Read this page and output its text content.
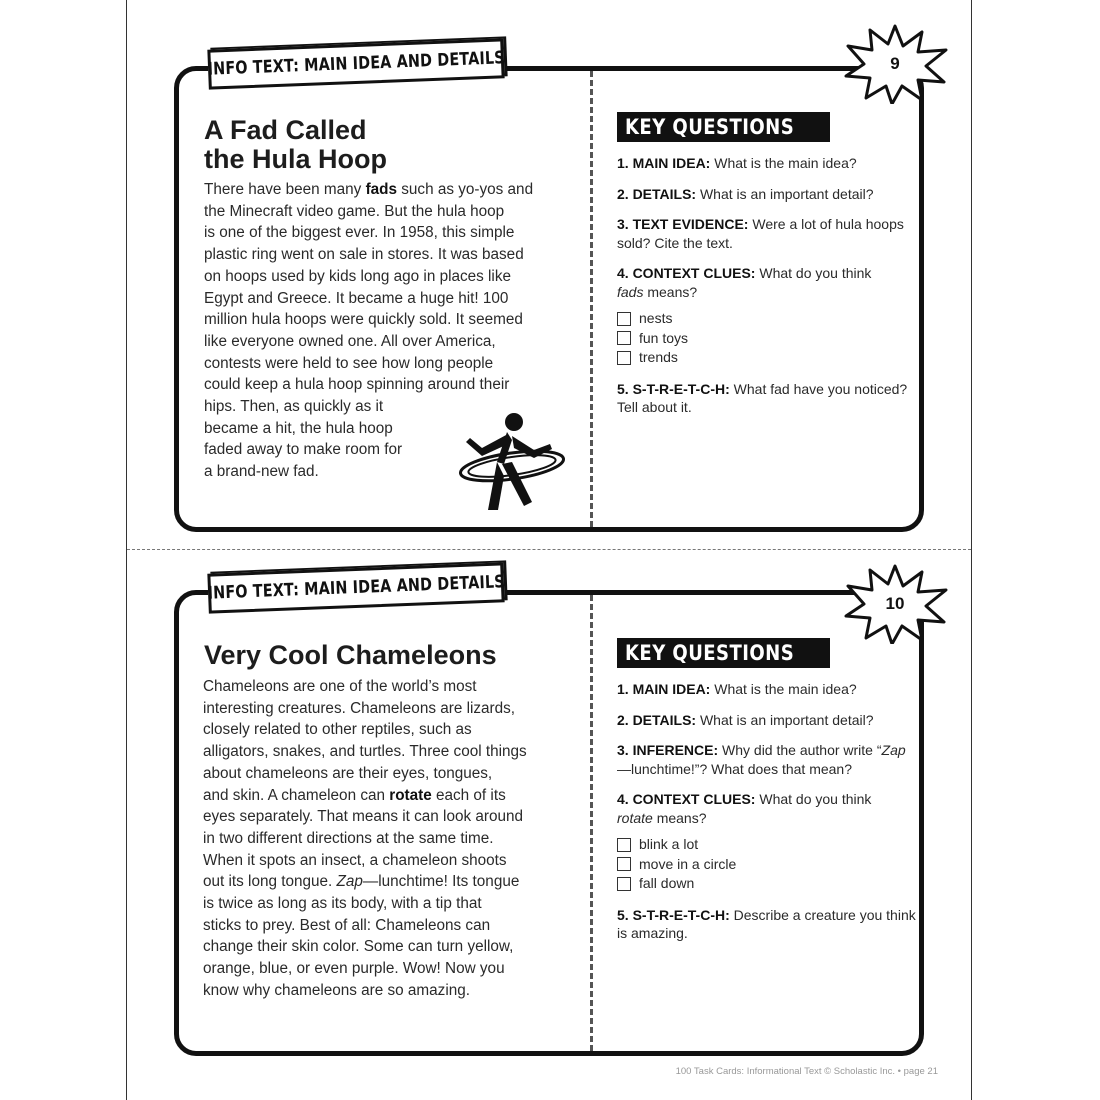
INFO TEXT: MAIN IDEA AND DETAILS	9
A Fad Called
the Hula Hoop
There have been many fads such as yo-yos and
the Minecraft video game. But the hula hoop
is one of the biggest ever. In 1958, this simple
plastic ring went on sale in stores. It was based
on hoops used by kids long ago in places like
Egypt and Greece. It became a huge hit! 100
million hula hoops were quickly sold. It seemed
like everyone owned one. All over America,
contests were held to see how long people
could keep a hula hoop spinning around their
hips. Then, as quickly as it
became a hit, the hula hoop
faded away to make room for
a brand-new fad.
KEY QUESTIONS
1. MAIN IDEA: What is the main idea?
2. DETAILS: What is an important detail?
3. TEXT EVIDENCE: Were a lot of hula hoops sold? Cite the text.
4. CONTEXT CLUES: What do you think
fads means?
nests
fun toys
trends
5. S-T-R-E-T-C-H: What fad have you noticed? Tell about it.
INFO TEXT: MAIN IDEA AND DETAILS	10
Very Cool Chameleons
Chameleons are one of the world’s most
interesting creatures. Chameleons are lizards,
closely related to other reptiles, such as
alligators, snakes, and turtles. Three cool things
about chameleons are their eyes, tongues,
and skin. A chameleon can rotate each of its
eyes separately. That means it can look around
in two different directions at the same time.
When it spots an insect, a chameleon shoots
out its long tongue. Zap—lunchtime! Its tongue
is twice as long as its body, with a tip that
sticks to prey. Best of all: Chameleons can
change their skin color. Some can turn yellow,
orange, blue, or even purple. Wow! Now you
know why chameleons are so amazing.
KEY QUESTIONS
1. MAIN IDEA: What is the main idea?
2. DETAILS: What is an important detail?
3. INFERENCE: Why did the author write “Zap—lunchtime!”? What does that mean?
4. CONTEXT CLUES: What do you think
rotate means?
blink a lot
move in a circle
fall down
5. S-T-R-E-T-C-H: Describe a creature you think is amazing.
100 Task Cards: Informational Text © Scholastic Inc. • page 21
